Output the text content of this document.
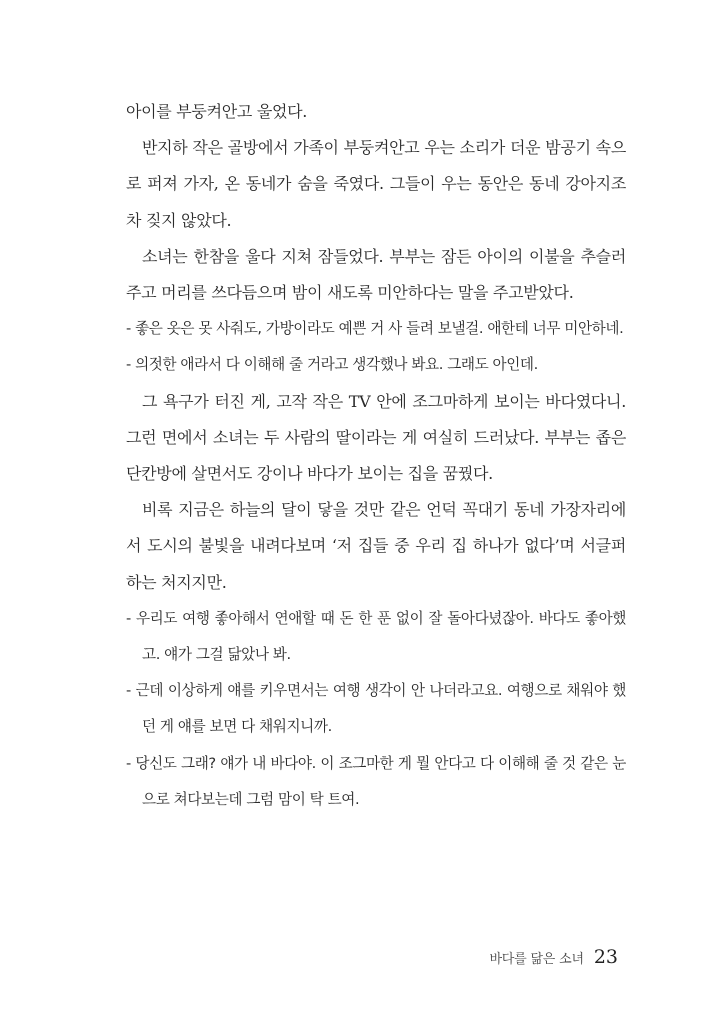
아이를 부둥켜안고 울었다.

반지하 작은 골방에서 가족이 부둥켜안고 우는 소리가 더운 밤공기 속으로 퍼져 가자, 온 동네가 숨을 죽였다. 그들이 우는 동안은 동네 강아지조차 짖지 않았다.

소녀는 한참을 울다 지쳐 잠들었다. 부부는 잠든 아이의 이불을 추슬러 주고 머리를 쓰다듬으며 밤이 새도록 미안하다는 말을 주고받았다.

- 좋은 옷은 못 사줘도, 가방이라도 예쁜 거 사 들려 보낼걸. 애한테 너무 미안하네.

- 의젓한 애라서 다 이해해 줄 거라고 생각했나 봐요. 그래도 아인데.

그 욕구가 터진 게, 고작 작은 TV 안에 조그마하게 보이는 바다였다니. 그런 면에서 소녀는 두 사람의 딸이라는 게 여실히 드러났다. 부부는 좁은 단칸방에 살면서도 강이나 바다가 보이는 집을 꿈꿨다.

비록 지금은 하늘의 달이 닿을 것만 같은 언덕 꼭대기 동네 가장자리에서 도시의 불빛을 내려다보며 ‘저 집들 중 우리 집 하나가 없다’며 서글퍼하는 처지지만.

- 우리도 여행 좋아해서 연애할 때 돈 한 푼 없이 잘 돌아다녔잖아. 바다도 좋아했고. 얘가 그걸 닮았나 봐.

- 근데 이상하게 얘를 키우면서는 여행 생각이 안 나더라고요. 여행으로 채워야 했던 게 얘를 보면 다 채워지니까.

- 당신도 그래? 얘가 내 바다야. 이 조그마한 게 뭘 안다고 다 이해해 줄 것 같은 눈으로 쳐다보는데 그럼 맘이 탁 트여.

바다를 닮은 소녀 23
